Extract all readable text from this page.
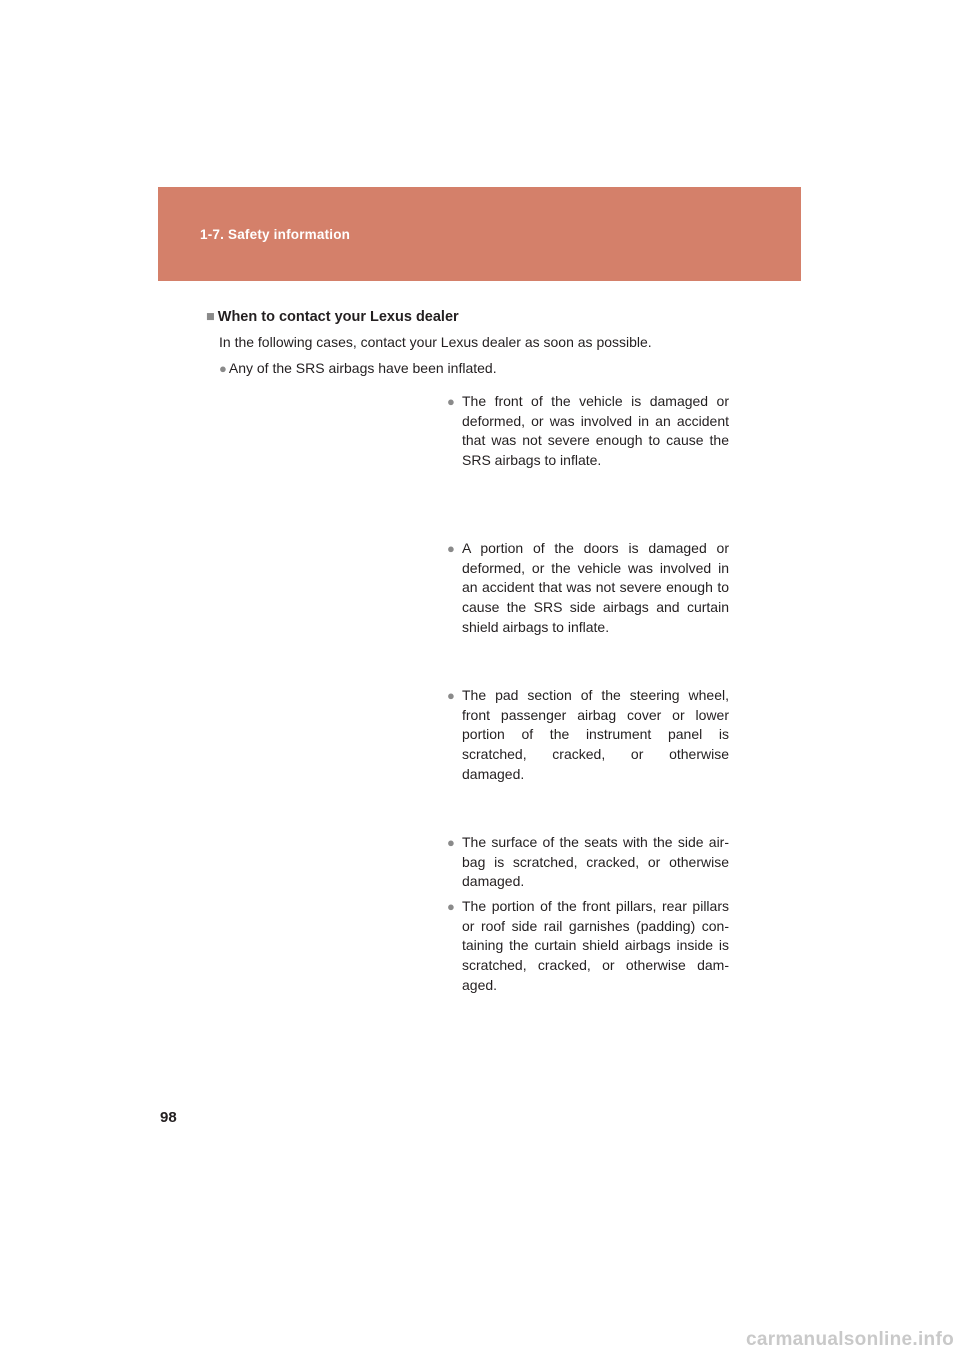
1-7. Safety information
■ When to contact your Lexus dealer
In the following cases, contact your Lexus dealer as soon as possible.
● Any of the SRS airbags have been inflated.
● The front of the vehicle is damaged or deformed, or was involved in an accident that was not severe enough to cause the SRS airbags to inflate.
● A portion of the doors is damaged or deformed, or the vehicle was involved in an accident that was not severe enough to cause the SRS side airbags and curtain shield airbags to inflate.
● The pad section of the steering wheel, front passenger airbag cover or lower portion of the instrument panel is scratched, cracked, or otherwise damaged.
● The surface of the seats with the side air-bag is scratched, cracked, or otherwise damaged.
● The portion of the front pillars, rear pillars or roof side rail garnishes (padding) con-taining the curtain shield airbags inside is scratched, cracked, or otherwise dam-aged.
98
carmanualsonline.info
